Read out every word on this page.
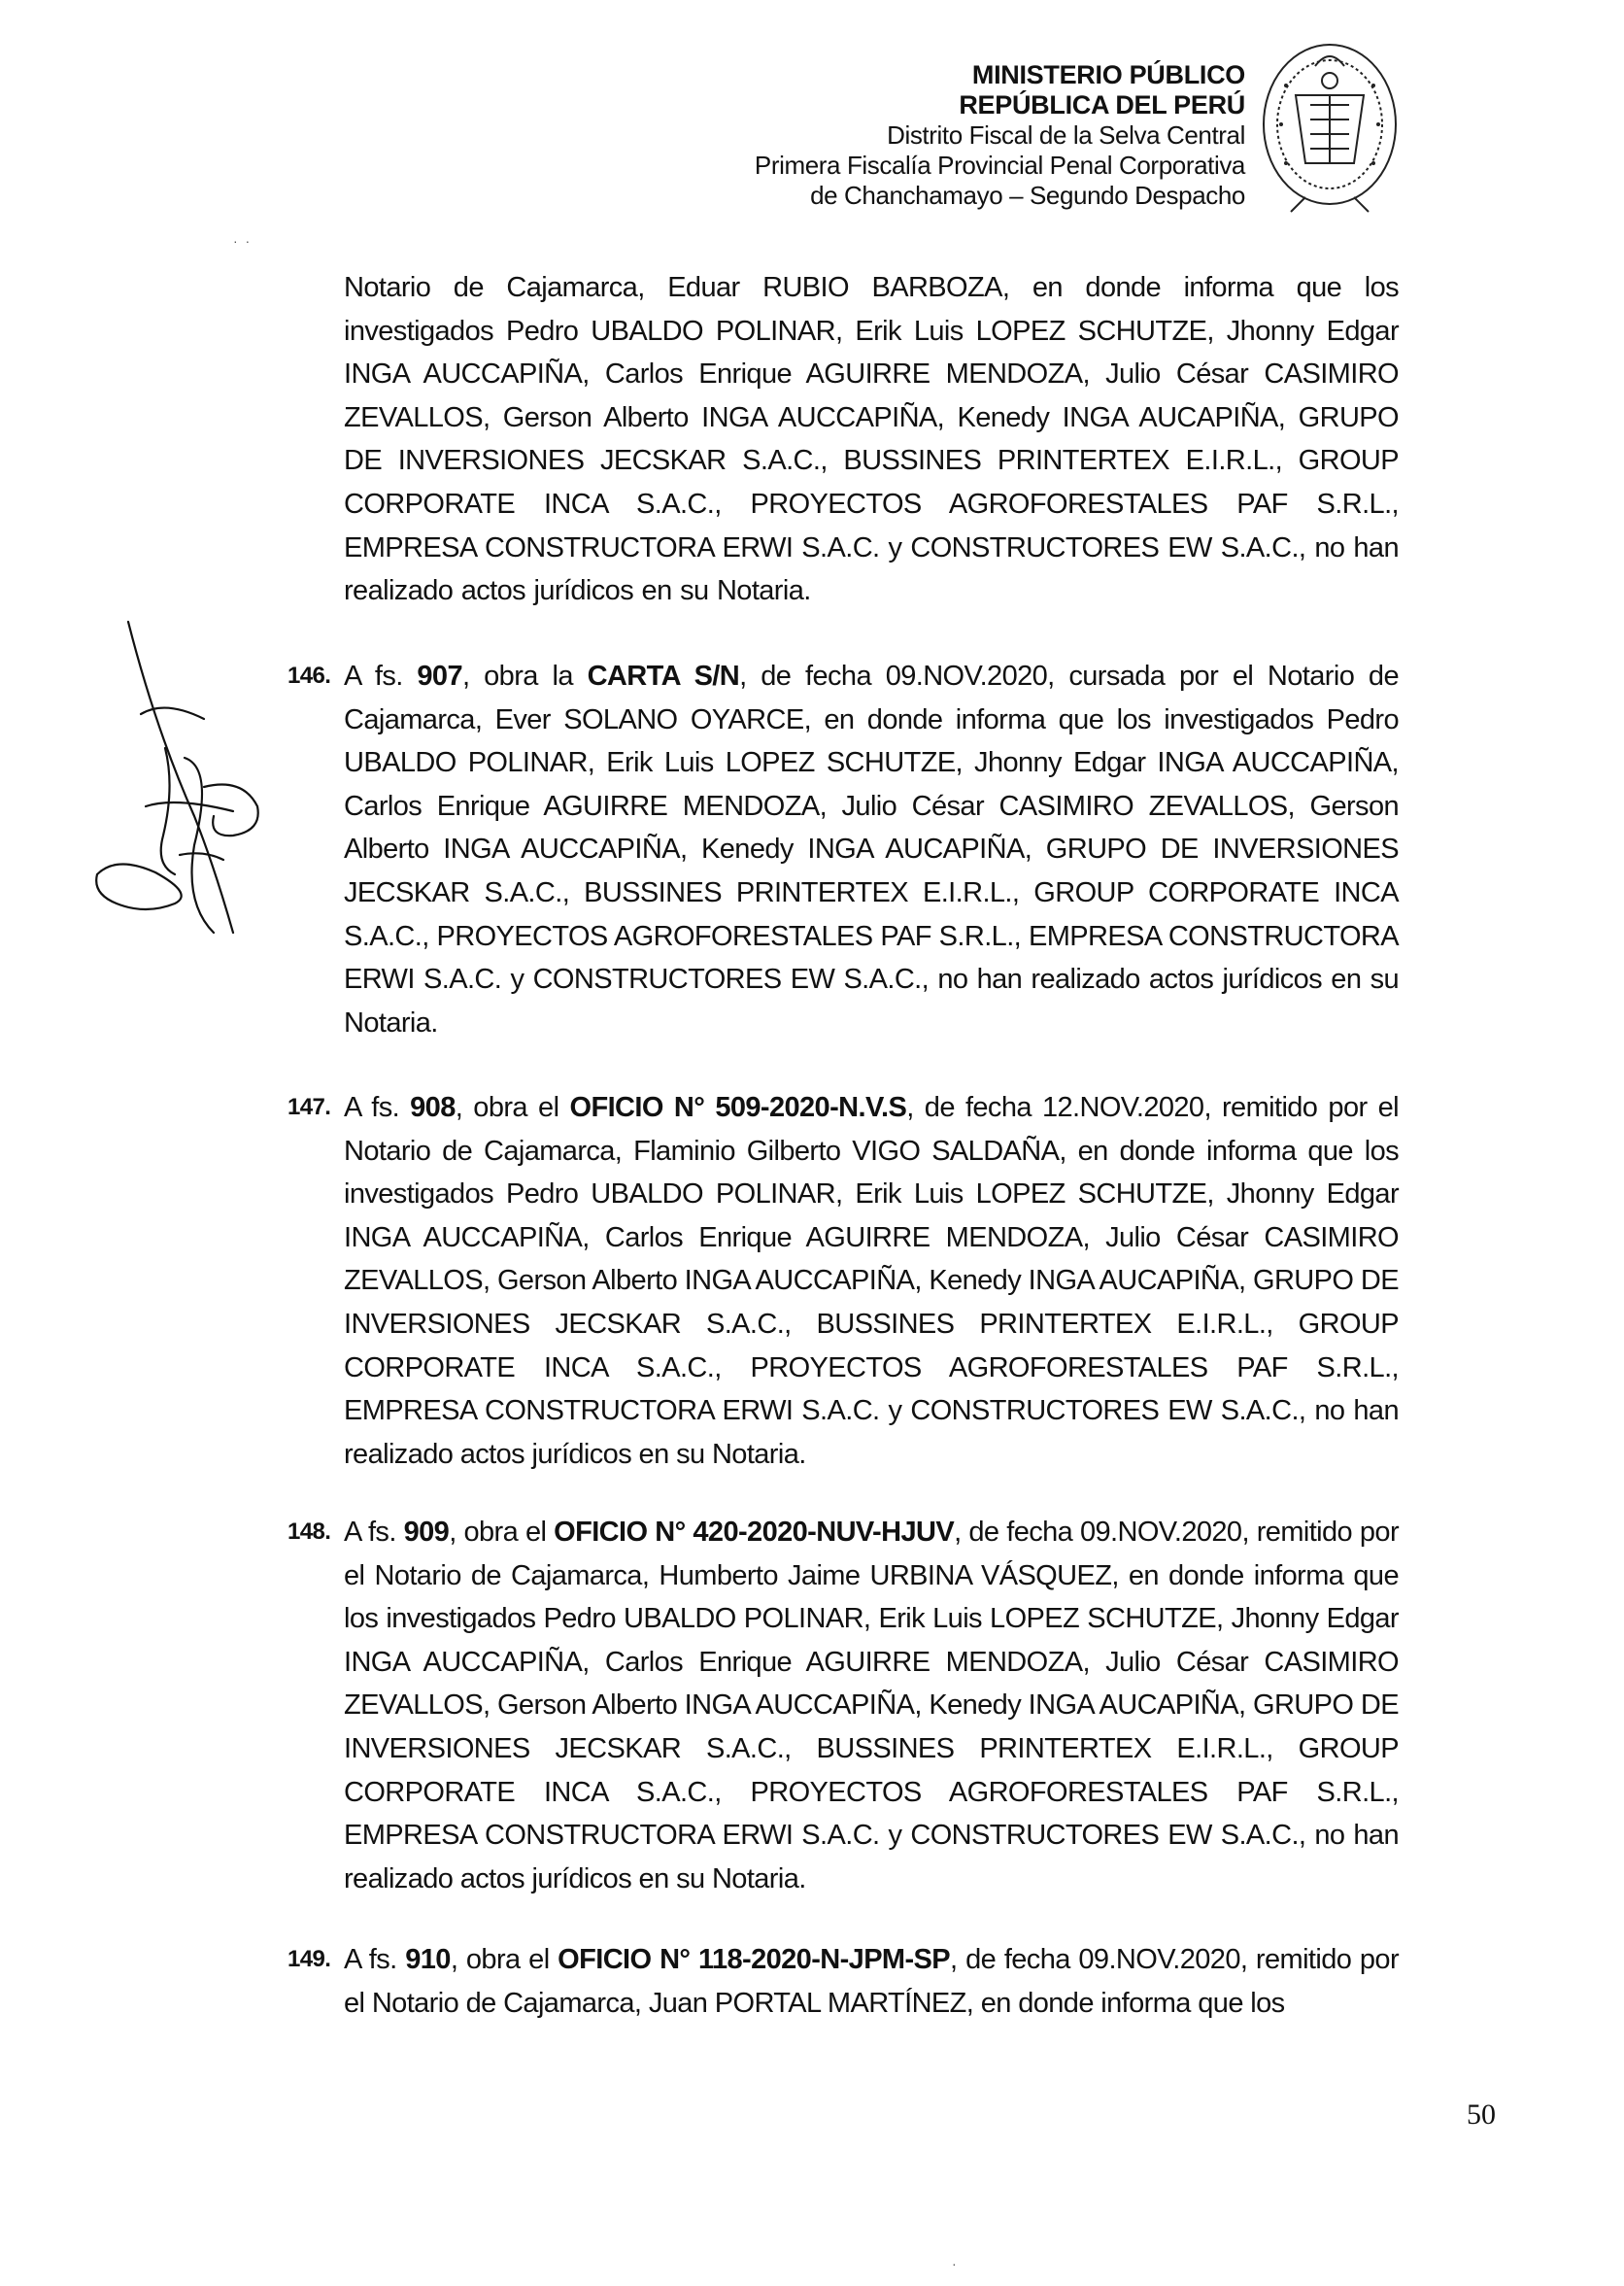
MINISTERIO PÚBLICO
REPÚBLICA DEL PERÚ
Distrito Fiscal de la Selva Central
Primera Fiscalía Provincial Penal Corporativa
de Chanchamayo – Segundo Despacho
·  ·
Notario de Cajamarca, Eduar RUBIO BARBOZA, en donde informa que los investigados Pedro UBALDO POLINAR, Erik Luis LOPEZ SCHUTZE, Jhonny Edgar INGA AUCCAPIÑA, Carlos Enrique AGUIRRE MENDOZA, Julio César CASIMIRO ZEVALLOS, Gerson Alberto INGA AUCCAPIÑA, Kenedy INGA AUCAPIÑA, GRUPO DE INVERSIONES JECSKAR S.A.C., BUSSINES PRINTERTEX E.I.R.L., GROUP CORPORATE INCA S.A.C., PROYECTOS AGROFORESTALES PAF S.R.L., EMPRESA CONSTRUCTORA ERWI S.A.C. y CONSTRUCTORES EW S.A.C., no han realizado actos jurídicos en su Notaria.
146. A fs. 907, obra la CARTA S/N, de fecha 09.NOV.2020, cursada por el Notario de Cajamarca, Ever SOLANO OYARCE, en donde informa que los investigados Pedro UBALDO POLINAR, Erik Luis LOPEZ SCHUTZE, Jhonny Edgar INGA AUCCAPIÑA, Carlos Enrique AGUIRRE MENDOZA, Julio César CASIMIRO ZEVALLOS, Gerson Alberto INGA AUCCAPIÑA, Kenedy INGA AUCAPIÑA, GRUPO DE INVERSIONES JECSKAR S.A.C., BUSSINES PRINTERTEX E.I.R.L., GROUP CORPORATE INCA S.A.C., PROYECTOS AGROFORESTALES PAF S.R.L., EMPRESA CONSTRUCTORA ERWI S.A.C. y CONSTRUCTORES EW S.A.C., no han realizado actos jurídicos en su Notaria.
147. A fs. 908, obra el OFICIO N° 509-2020-N.V.S, de fecha 12.NOV.2020, remitido por el Notario de Cajamarca, Flaminio Gilberto VIGO SALDAÑA, en donde informa que los investigados Pedro UBALDO POLINAR, Erik Luis LOPEZ SCHUTZE, Jhonny Edgar INGA AUCCAPIÑA, Carlos Enrique AGUIRRE MENDOZA, Julio César CASIMIRO ZEVALLOS, Gerson Alberto INGA AUCCAPIÑA, Kenedy INGA AUCAPIÑA, GRUPO DE INVERSIONES JECSKAR S.A.C., BUSSINES PRINTERTEX E.I.R.L., GROUP CORPORATE INCA S.A.C., PROYECTOS AGROFORESTALES PAF S.R.L., EMPRESA CONSTRUCTORA ERWI S.A.C. y CONSTRUCTORES EW S.A.C., no han realizado actos jurídicos en su Notaria.
148. A fs. 909, obra el OFICIO N° 420-2020-NUV-HJUV, de fecha 09.NOV.2020, remitido por el Notario de Cajamarca, Humberto Jaime URBINA VÁSQUEZ, en donde informa que los investigados Pedro UBALDO POLINAR, Erik Luis LOPEZ SCHUTZE, Jhonny Edgar INGA AUCCAPIÑA, Carlos Enrique AGUIRRE MENDOZA, Julio César CASIMIRO ZEVALLOS, Gerson Alberto INGA AUCCAPIÑA, Kenedy INGA AUCAPIÑA, GRUPO DE INVERSIONES JECSKAR S.A.C., BUSSINES PRINTERTEX E.I.R.L., GROUP CORPORATE INCA S.A.C., PROYECTOS AGROFORESTALES PAF S.R.L., EMPRESA CONSTRUCTORA ERWI S.A.C. y CONSTRUCTORES EW S.A.C., no han realizado actos jurídicos en su Notaria.
149. A fs. 910, obra el OFICIO N° 118-2020-N-JPM-SP, de fecha 09.NOV.2020, remitido por el Notario de Cajamarca, Juan PORTAL MARTÍNEZ, en donde informa que los
50
·
